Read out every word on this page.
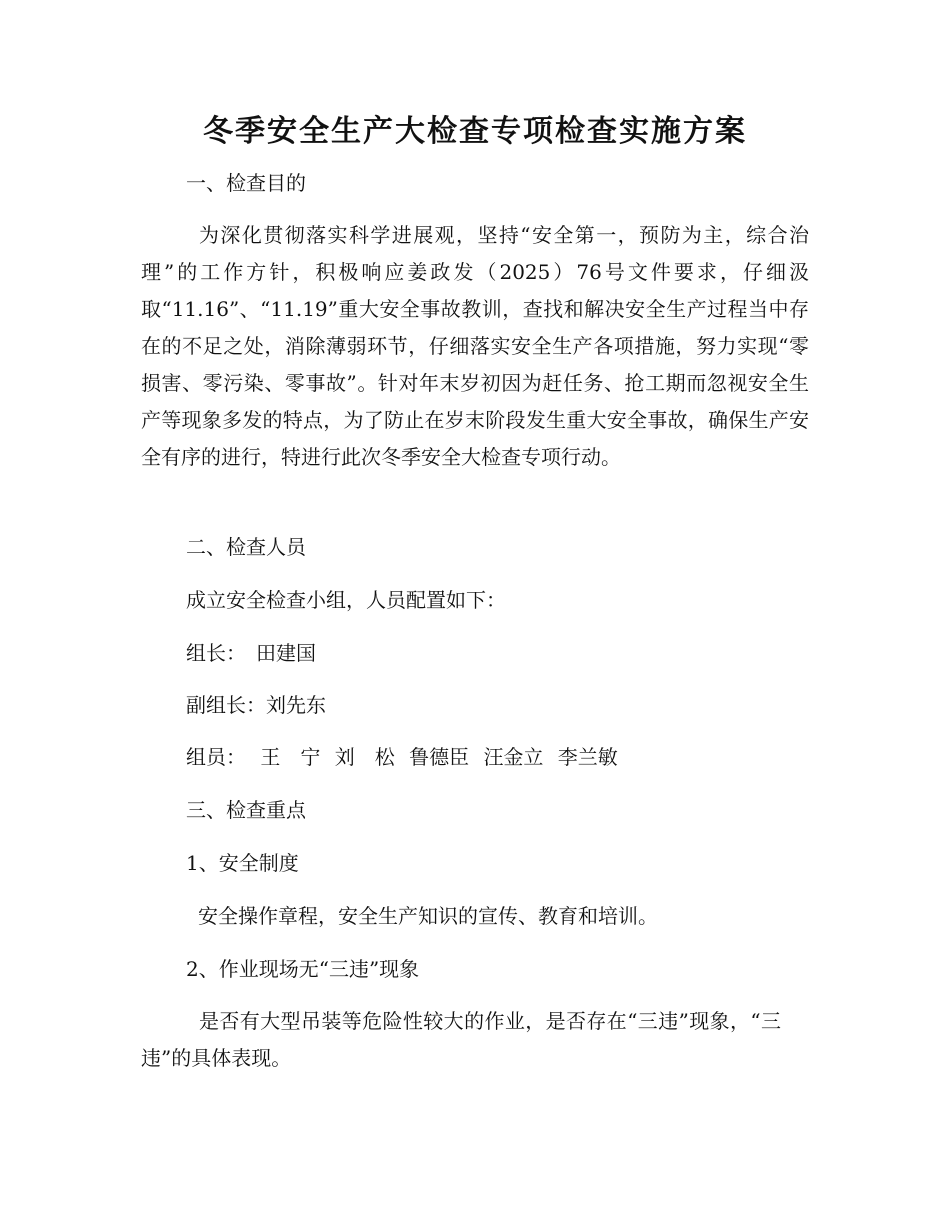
冬季安全生产大检查专项检查实施方案
一、检查目的
为深化贯彻落实科学进展观，坚持“安全第一，预防为主，综合治理”的工作方针，积极响应姜政发（2025）76号文件要求，仔细汲取“11.16”、“11.19”重大安全事故教训，查找和解决安全生产过程当中存在的不足之处，消除薄弱环节，仔细落实安全生产各项措施，努力实现“零损害、零污染、零事故”。针对年末岁初因为赶任务、抢工期而忽视安全生产等现象多发的特点，为了防止在岁末阶段发生重大安全事故，确保生产安全有序的进行，特进行此次冬季安全大检查专项行动。
二、检查人员
成立安全检查小组，人员配置如下：
组长：　田建国
副组长：刘先东
组员： 王　宁 刘　松 鲁德臣 汪金立 李兰敏
三、检查重点
1、安全制度
安全操作章程，安全生产知识的宣传、教育和培训。
2、作业现场无“三违”现象
是否有大型吊装等危险性较大的作业，是否存在“三违”现象，“三违”的具体表现。
